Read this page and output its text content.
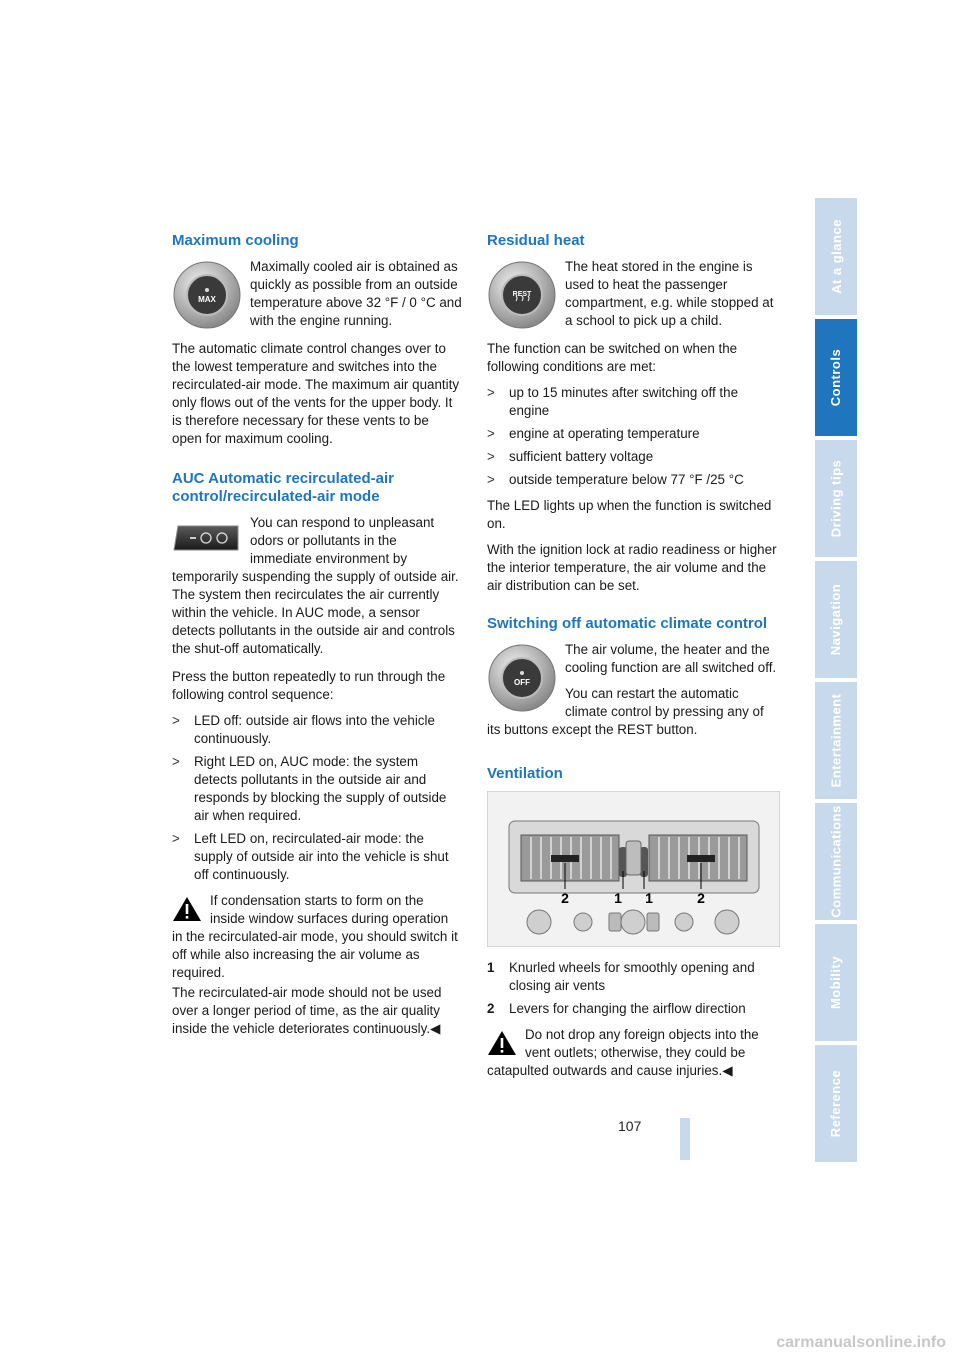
Maximum cooling
MAX

Maximally cooled air is obtained as quickly as possible from an outside temperature above 32 °F / 0 °C and with the engine running.

The automatic climate control changes over to the lowest temperature and switches into the recirculated-air mode. The maximum air quantity only flows out of the vents for the upper body. It is therefore necessary for these vents to be open for maximum cooling.

AUC Automatic recirculated-air control/recirculated-air mode

You can respond to unpleasant odors or pollutants in the immediate environment by temporarily suspending the supply of outside air. The system then recirculates the air currently within the vehicle. In AUC mode, a sensor detects pollutants in the outside air and controls the shut-off automatically.

Press the button repeatedly to run through the following control sequence:

> LED off: outside air flows into the vehicle continuously.
> Right LED on, AUC mode: the system detects pollutants in the outside air and responds by blocking the supply of outside air when required.
> Left LED on, recirculated-air mode: the supply of outside air into the vehicle is shut off continuously.

If condensation starts to form on the inside window surfaces during operation in the recirculated-air mode, you should switch it off while also increasing the air volume as required.

The recirculated-air mode should not be used over a longer period of time, as the air quality inside the vehicle deteriorates continuously.◀

Residual heat
REST

The heat stored in the engine is used to heat the passenger compartment, e.g. while stopped at a school to pick up a child.

The function can be switched on when the following conditions are met:

> up to 15 minutes after switching off the engine
> engine at operating temperature
> sufficient battery voltage
> outside temperature below 77 °F /25 °C

The LED lights up when the function is switched on.

With the ignition lock at radio readiness or higher the interior temperature, the air volume and the air distribution can be set.

Switching off automatic climate control
OFF

The air volume, the heater and the cooling function are all switched off.

You can restart the automatic climate control by pressing any of its buttons except the REST button.

Ventilation
2	1 1	2
1 Knurled wheels for smoothly opening and closing air vents
2 Levers for changing the airflow direction

Do not drop any foreign objects into the vent outlets; otherwise, they could be catapulted outwards and cause injuries.◀

At a glance
Controls
Driving tips
Navigation
Entertainment
Communications
Mobility
Reference
107
carmanualsonline.info
